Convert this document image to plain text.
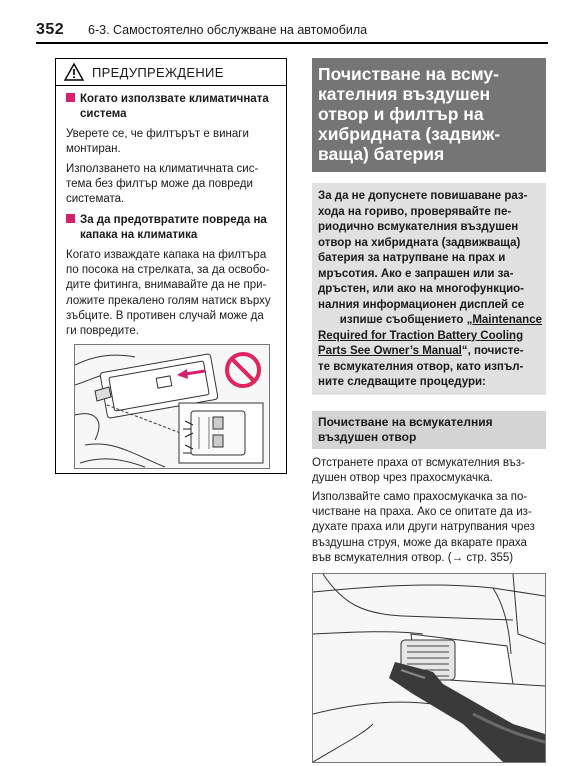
352 6-3. Самостоятелно обслужване на автомобила
ПРЕДУПРЕЖДЕНИЕ
Когато използвате климатичната
система
Уверете се, че филтърът е винаги
монтиран.
Използването на климатичната сис-
тема без филтър може да повреди
системата.
За да предотвратите повреда на
капака на климатика
Когато изваждате капака на филтъра
по посока на стрелката, за да освобо-
дите фитинга, внимавайте да не при-
ложите прекалено голям натиск върху
зъбците. В противен случай може да
ги повредите.
Почистване на всму-
кателния въздушен
отвор и филтър на
хибридната (задвиж-
ваща) батерия
За да не допуснете повишаване раз-
хода на гориво, проверявайте пе-
риодично всмукателния въздушен
отвор на хибридната (задвижваща)
батерия за натрупване на прах и
мръсотия. Ако е запрашен или за-
дръстен, или ако на многофункцио-
налния информационен дисплей се
изпише съобщението „Maintenance
Required for Traction Battery Cooling
Parts See Owner’s Manual“, почисте-
те всмукателния отвор, като изпъл-
ните следващите процедури:
Почистване на всмукателния
въздушен отвор
Отстранете праха от всмукателния въз-
душен отвор чрез прахосмукачка.
Използвайте само прахосмукачка за по-
чистване на праха. Ако се опитате да из-
духате праха или други натрупвания чрез
въздушна струя, може да вкарате праха
във всмукателния отвор. (→ стр. 355)
